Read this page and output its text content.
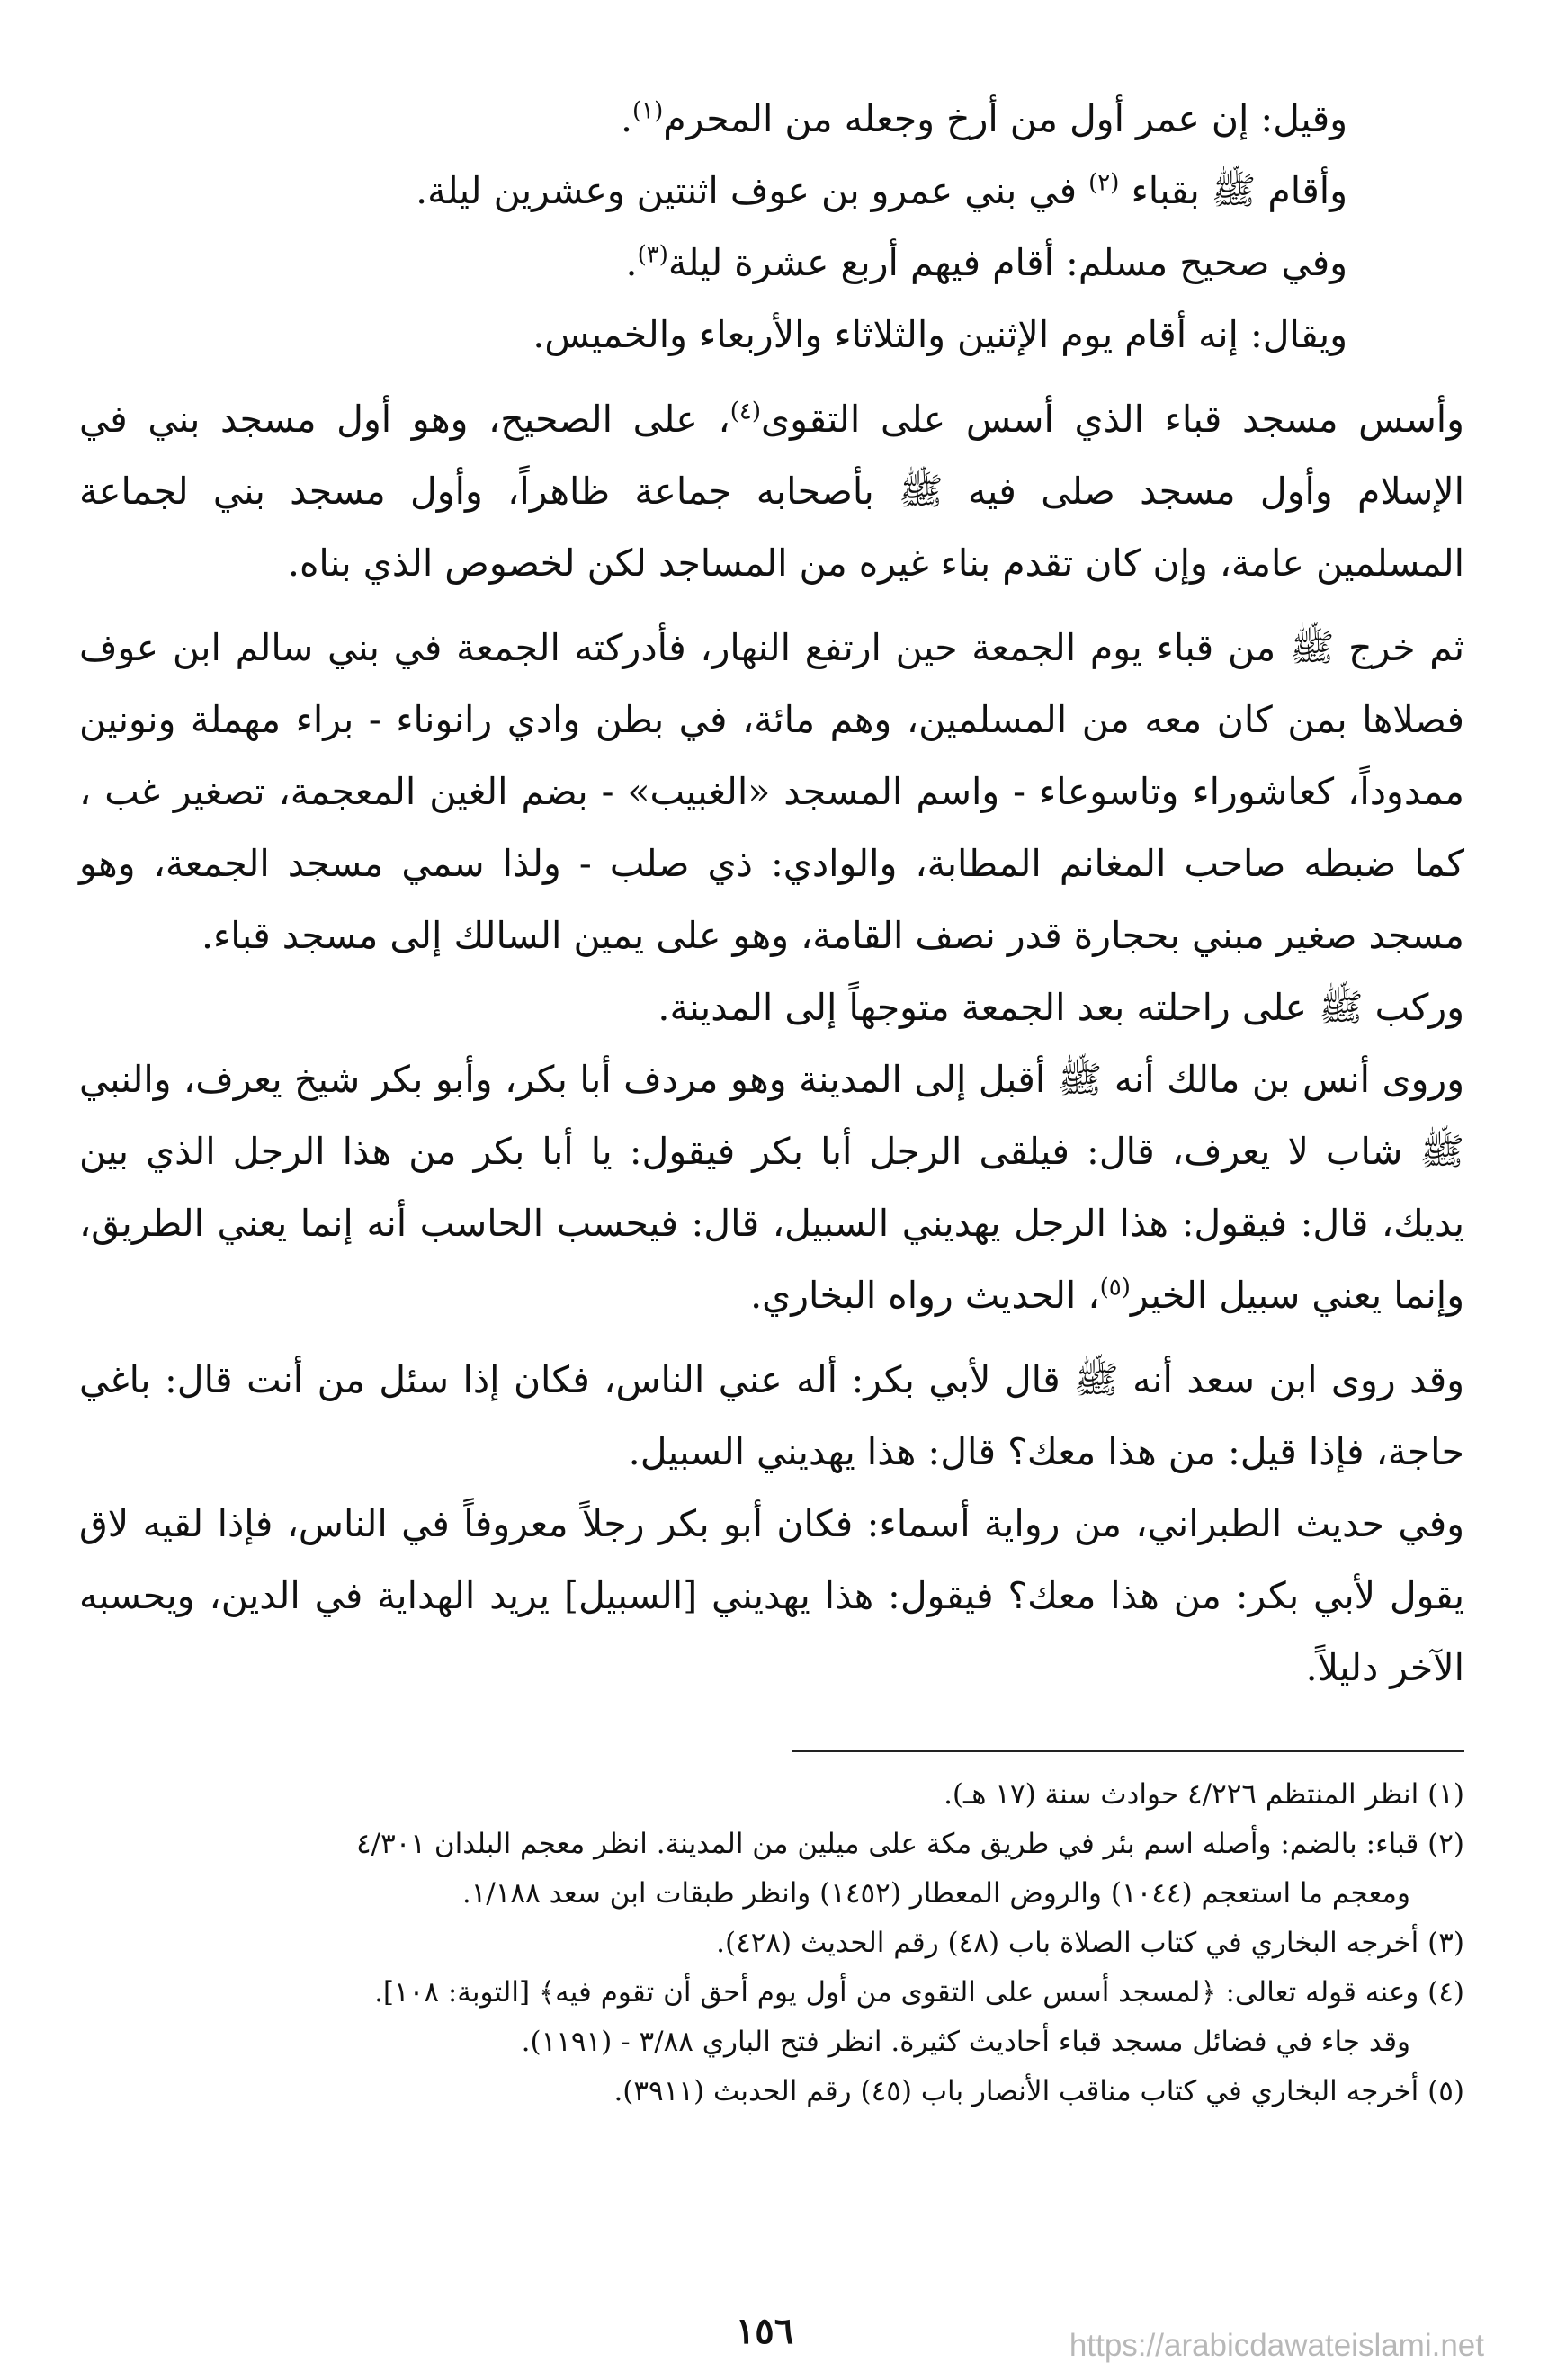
وقيل: إن عمر أول من أرخ وجعله من المحرم$^{(١)}$.

وأقام ﷺ بقباء $^{(٢)}$ في بني عمرو بن عوف اثنتين وعشرين ليلة.

وفي صحيح مسلم: أقام فيهم أربع عشرة ليلة$^{(٣)}$.

ويقال: إنه أقام يوم الإثنين والثلاثاء والأربعاء والخميس.

وأسس مسجد قباء الذي أسس على التقوى$^{(٤)}$، على الصحيح، وهو أول مسجد بني في الإسلام وأول مسجد صلى فيه ﷺ بأصحابه جماعة ظاهراً، وأول مسجد بني لجماعة المسلمين عامة، وإن كان تقدم بناء غيره من المساجد لكن لخصوص الذي بناه.

ثم خرج ﷺ من قباء يوم الجمعة حين ارتفع النهار، فأدركته الجمعة في بني سالم ابن عوف فصلاها بمن كان معه من المسلمين، وهم مائة، في بطن وادي رانوناء - براء مهملة ونونين ممدوداً، كعاشوراء وتاسوعاء - واسم المسجد «الغبيب» - بضم الغين المعجمة، تصغير غب ، كما ضبطه صاحب المغانم المطابة، والوادي: ذي صلب - ولذا سمي مسجد الجمعة، وهو مسجد صغير مبني بحجارة قدر نصف القامة، وهو على يمين السالك إلى مسجد قباء.

وركب ﷺ على راحلته بعد الجمعة متوجهاً إلى المدينة.

وروى أنس بن مالك أنه ﷺ أقبل إلى المدينة وهو مردف أبا بكر، وأبو بكر شيخ يعرف، والنبي ﷺ شاب لا يعرف، قال: فيلقى الرجل أبا بكر فيقول: يا أبا بكر من هذا الرجل الذي بين يديك، قال: فيقول: هذا الرجل يهديني السبيل، قال: فيحسب الحاسب أنه إنما يعني الطريق، وإنما يعني سبيل الخير$^{(٥)}$، الحديث رواه البخاري.

وقد روى ابن سعد أنه ﷺ قال لأبي بكر: أله عني الناس، فكان إذا سئل من أنت قال: باغي حاجة، فإذا قيل: من هذا معك؟ قال: هذا يهديني السبيل.

وفي حديث الطبراني، من رواية أسماء: فكان أبو بكر رجلاً معروفاً في الناس، فإذا لقيه لاق يقول لأبي بكر: من هذا معك؟ فيقول: هذا يهديني [السبيل] يريد الهداية في الدين، ويحسبه الآخر دليلاً.

(١) انظر المنتظم ٤/٢٢٦ حوادث سنة (١٧ هـ).

(٢) قباء: بالضم: وأصله اسم بئر في طريق مكة على ميلين من المدينة. انظر معجم البلدان ٤/٣٠١

ومعجم ما استعجم (١٠٤٤) والروض المعطار (١٤٥٢) وانظر طبقات ابن سعد ١/١٨٨.

(٣) أخرجه البخاري في كتاب الصلاة باب (٤٨) رقم الحديث (٤٢٨).

(٤) وعنه قوله تعالى: ﴿لمسجد أسس على التقوى من أول يوم أحق أن تقوم فيه﴾ [التوبة: ١٠٨].

وقد جاء في فضائل مسجد قباء أحاديث كثيرة. انظر فتح الباري ٣/٨٨ - (١١٩١).

(٥) أخرجه البخاري في كتاب مناقب الأنصار باب (٤٥) رقم الحدبث (٣٩١١).

١٥٦	https://arabicdawateislami.net
